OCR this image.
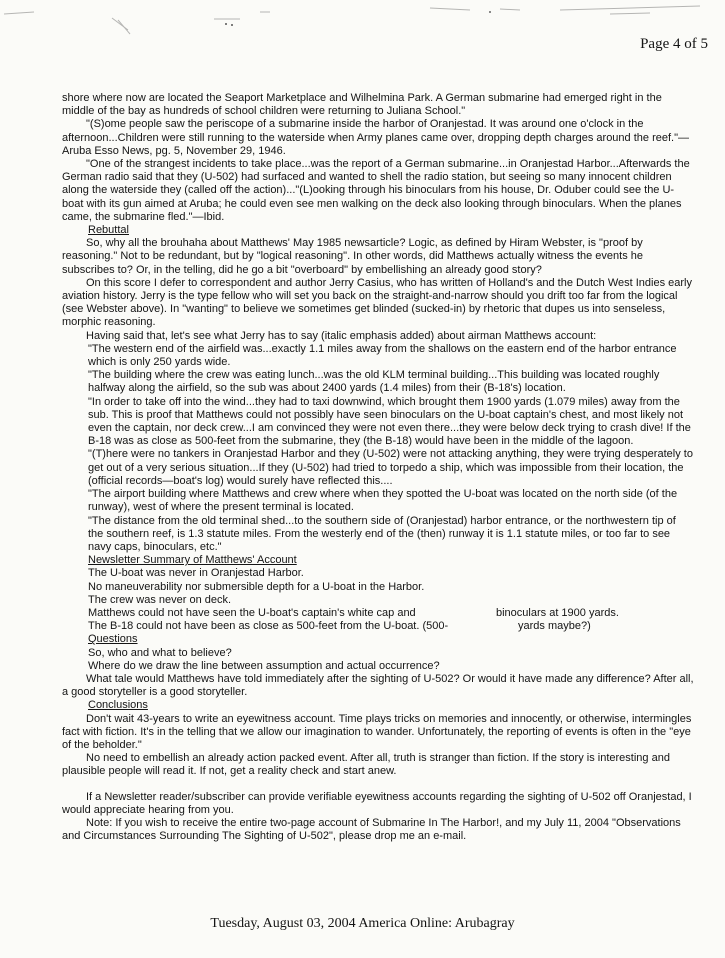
Page 4 of 5

shore where now are located the Seaport Marketplace and Wilhelmina Park. A German submarine had emerged right in the middle of the bay as hundreds of school children were returning to Juliana School."

"(S)ome people saw the periscope of a submarine inside the harbor of Oranjestad. It was around one o'clock in the afternoon...Children were still running to the waterside when Army planes came over, dropping depth charges around the reef."—Aruba Esso News, pg. 5, November 29, 1946.

"One of the strangest incidents to take place...was the report of a German submarine...in Oranjestad Harbor...Afterwards the German radio said that they (U-502) had surfaced and wanted to shell the radio station, but seeing so many innocent children along the waterside they (called off the action)..."(L)ooking through his binoculars from his house, Dr. Oduber could see the U-boat with its gun aimed at Aruba; he could even see men walking on the deck also looking through binoculars. When the planes came, the submarine fled."—Ibid.

Rebuttal

So, why all the brouhaha about Matthews' May 1985 newsarticle? Logic, as defined by Hiram Webster, is "proof by reasoning." Not to be redundant, but by "logical reasoning". In other words, did Matthews actually witness the events he subscribes to? Or, in the telling, did he go a bit "overboard" by embellishing an already good story?

On this score I defer to correspondent and author Jerry Casius, who has written of Holland's and the Dutch West Indies early aviation history. Jerry is the type fellow who will set you back on the straight-and-narrow should you drift too far from the logical (see Webster above). In "wanting" to believe we sometimes get blinded (sucked-in) by rhetoric that dupes us into senseless, morphic reasoning.

Having said that, let's see what Jerry has to say (italic emphasis added) about airman Matthews account:

"The western end of the airfield was...exactly 1.1 miles away from the shallows on the eastern end of the harbor entrance which is only 250 yards wide.

"The building where the crew was eating lunch...was the old KLM terminal building...This building was located roughly halfway along the airfield, so the sub was about 2400 yards (1.4 miles) from their (B-18's) location.

"In order to take off into the wind...they had to taxi downwind, which brought them 1900 yards (1.079 miles) away from the sub. This is proof that Matthews could not possibly have seen binoculars on the U-boat captain's chest, and most likely not even the captain, nor deck crew...I am convinced they were not even there...they were below deck trying to crash dive! If the B-18 was as close as 500-feet from the submarine, they (the B-18) would have been in the middle of the lagoon.

"(T)here were no tankers in Oranjestad Harbor and they (U-502) were not attacking anything, they were trying desperately to get out of a very serious situation...If they (U-502) had tried to torpedo a ship, which was impossible from their location, the (official records—boat's log) would surely have reflected this....

"The airport building where Matthews and crew where when they spotted the U-boat was located on the north side (of the runway), west of where the present terminal is located.

"The distance from the old terminal shed...to the southern side of (Oranjestad) harbor entrance, or the northwestern tip of the southern reef, is 1.3 statute miles. From the westerly end of the (then) runway it is 1.1 statute miles, or too far to see navy caps, binoculars, etc."

Newsletter Summary of Matthews' Account

The U-boat was never in Oranjestad Harbor.

No maneuverability nor submersible depth for a U-boat in the Harbor.

The crew was never on deck.

Matthews could not have seen the U-boat's captain's white cap and	binoculars at 1900 yards.

The B-18 could not have been as close as 500-feet from the U-boat. (500-	yards maybe?)

Questions

So, who and what to believe?

Where do we draw the line between assumption and actual occurrence?

What tale would Matthews have told immediately after the sighting of U-502? Or would it have made any difference? After all, a good storyteller is a good storyteller.

Conclusions

Don't wait 43-years to write an eyewitness account. Time plays tricks on memories and innocently, or otherwise, intermingles fact with fiction. It's in the telling that we allow our imagination to wander. Unfortunately, the reporting of events is often in the "eye of the beholder."

No need to embellish an already action packed event. After all, truth is stranger than fiction. If the story is interesting and plausible people will read it. If not, get a reality check and start anew.

If a Newsletter reader/subscriber can provide verifiable eyewitness accounts regarding the sighting of U-502 off Oranjestad, I would appreciate hearing from you.

Note: If you wish to receive the entire two-page account of Submarine In The Harbor!, and my July 11, 2004 "Observations and Circumstances Surrounding The Sighting of U-502", please drop me an e-mail.

Tuesday, August 03, 2004 America Online: Arubagray
